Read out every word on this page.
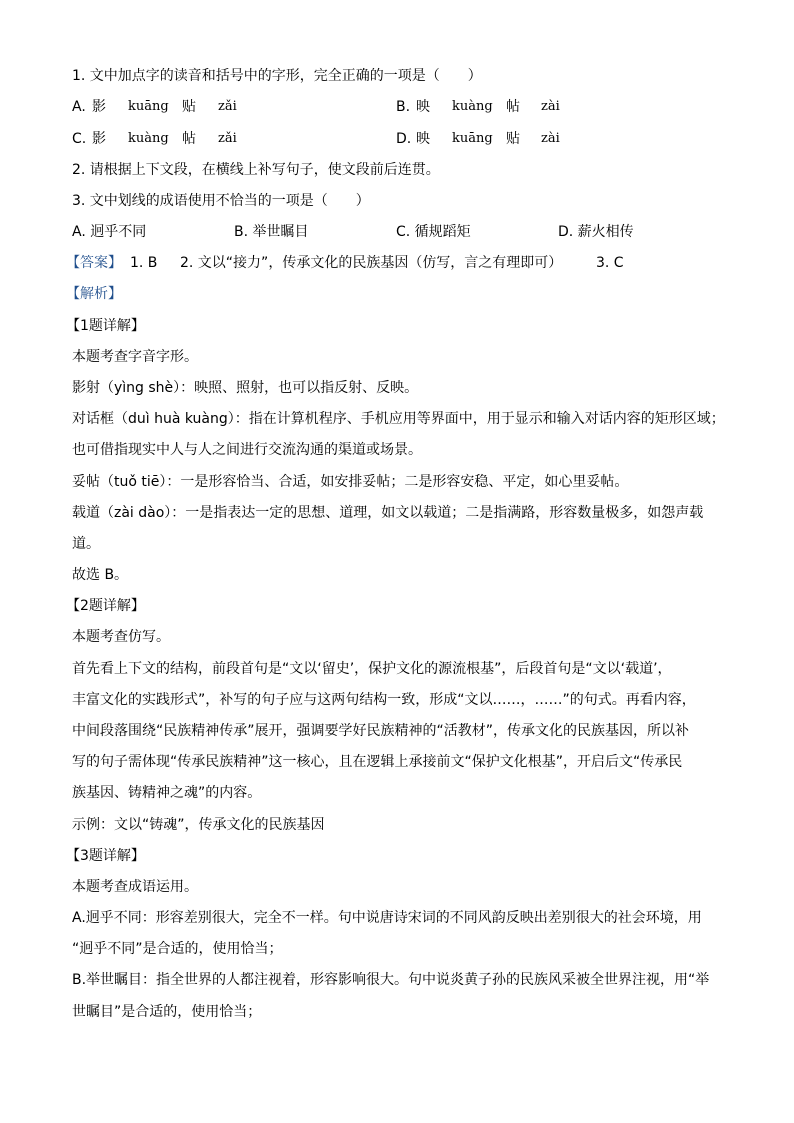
1. 文中加点字的读音和括号中的字形，完全正确的一项是（　　）
A. 影 kuāng 贴 zǎi	B. 映 kuàng 帖 zài
C. 影 kuàng 帖 zǎi	D. 映 kuāng 贴 zài
2. 请根据上下文段，在横线上补写句子，使文段前后连贯。
3. 文中划线的成语使用不恰当的一项是（　　）
A. 迥乎不同	B. 举世瞩目	C. 循规蹈矩	D. 薪火相传
【答案】 1. B 2. 文以“接力”，传承文化的民族基因（仿写，言之有理即可） 3. C
【解析】
【1题详解】
本题考查字音字形。
影射（yìng shè）：映照、照射，也可以指反射、反映。
对话框（duì huà kuàng）：指在计算机程序、手机应用等界面中，用于显示和输入对话内容的矩形区域；
也可借指现实中人与人之间进行交流沟通的渠道或场景。
妥帖（tuǒ tiē）：一是形容恰当、合适，如安排妥帖；二是形容安稳、平定，如心里妥帖。
载道（zài dào）：一是指表达一定的思想、道理，如文以载道；二是指满路，形容数量极多，如怨声载
道。
故选 B。
【2题详解】
本题考查仿写。
首先看上下文的结构，前段首句是“文以‘留史’，保护文化的源流根基”，后段首句是“文以‘载道’，
丰富文化的实践形式”，补写的句子应与这两句结构一致，形成“文以……，……”的句式。再看内容，
中间段落围绕“民族精神传承”展开，强调要学好民族精神的“活教材”，传承文化的民族基因，所以补
写的句子需体现“传承民族精神”这一核心，且在逻辑上承接前文“保护文化根基”，开启后文“传承民
族基因、铸精神之魂”的内容。
示例：文以“铸魂”，传承文化的民族基因
【3题详解】
本题考查成语运用。
A.迥乎不同：形容差别很大，完全不一样。句中说唐诗宋词的不同风韵反映出差别很大的社会环境，用
“迥乎不同”是合适的，使用恰当；
B.举世瞩目：指全世界的人都注视着，形容影响很大。句中说炎黄子孙的民族风采被全世界注视，用“举
世瞩目”是合适的，使用恰当；
